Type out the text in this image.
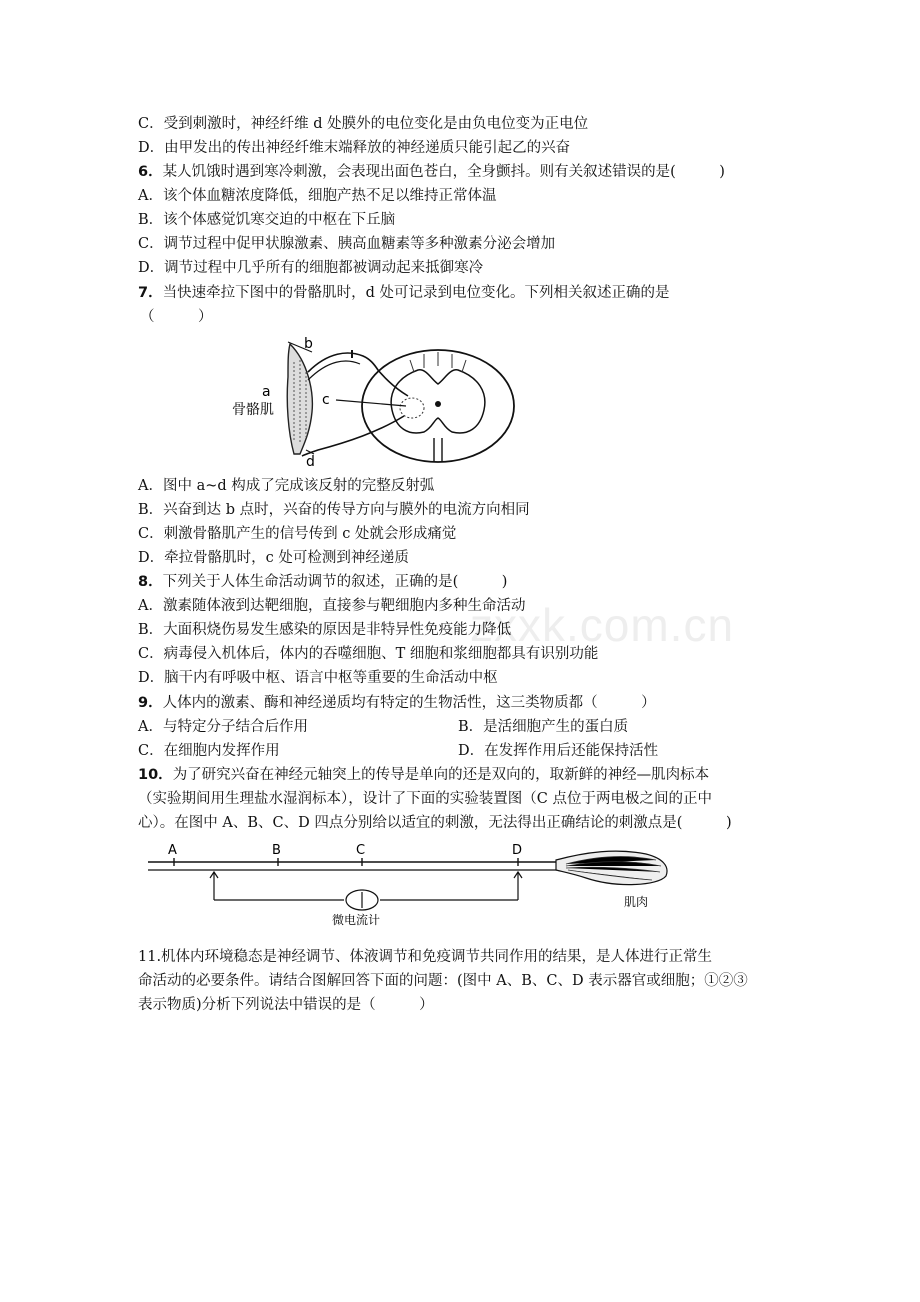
zxxk.com.cn
C．受到刺激时，神经纤维 d 处膜外的电位变化是由负电位变为正电位
D．由甲发出的传出神经纤维末端释放的神经递质只能引起乙的兴奋
6．某人饥饿时遇到寒冷刺激，会表现出面色苍白，全身颤抖。则有关叙述错误的是(　　　)
A．该个体血糖浓度降低，细胞产热不足以维持正常体温
B．该个体感觉饥寒交迫的中枢在下丘脑
C．调节过程中促甲状腺激素、胰高血糖素等多种激素分泌会增加
D．调节过程中几乎所有的细胞都被调动起来抵御寒冷
7．当快速牵拉下图中的骨骼肌时，d 处可记录到电位变化。下列相关叙述正确的是
（　　　）
b
a
骨骼肌
c
d
A．图中 a~d 构成了完成该反射的完整反射弧
B．兴奋到达 b 点时，兴奋的传导方向与膜外的电流方向相同
C．刺激骨骼肌产生的信号传到 c 处就会形成痛觉
D．牵拉骨骼肌时，c 处可检测到神经递质
8．下列关于人体生命活动调节的叙述，正确的是(　　　)
A．激素随体液到达靶细胞，直接参与靶细胞内多种生命活动
B．大面积烧伤易发生感染的原因是非特异性免疫能力降低
C．病毒侵入机体后，体内的吞噬细胞、T 细胞和浆细胞都具有识别功能
D．脑干内有呼吸中枢、语言中枢等重要的生命活动中枢
9．人体内的激素、酶和神经递质均有特定的生物活性，这三类物质都（　　　）
A．与特定分子结合后作用	B．是活细胞产生的蛋白质
C．在细胞内发挥作用	D．在发挥作用后还能保持活性
10．为了研究兴奋在神经元轴突上的传导是单向的还是双向的，取新鲜的神经—肌肉标本
（实验期间用生理盐水湿润标本），设计了下面的实验装置图（C 点位于两电极之间的正中
心）。在图中 A、B、C、D 四点分别给以适宜的刺激，无法得出正确结论的刺激点是(　　　)
A	B	C	D
微电流计
肌肉
11.机体内环境稳态是神经调节、体液调节和免疫调节共同作用的结果，是人体进行正常生
命活动的必要条件。请结合图解回答下面的问题：(图中 A、B、C、D 表示器官或细胞；①②③
表示物质)分析下列说法中错误的是（　　　）
